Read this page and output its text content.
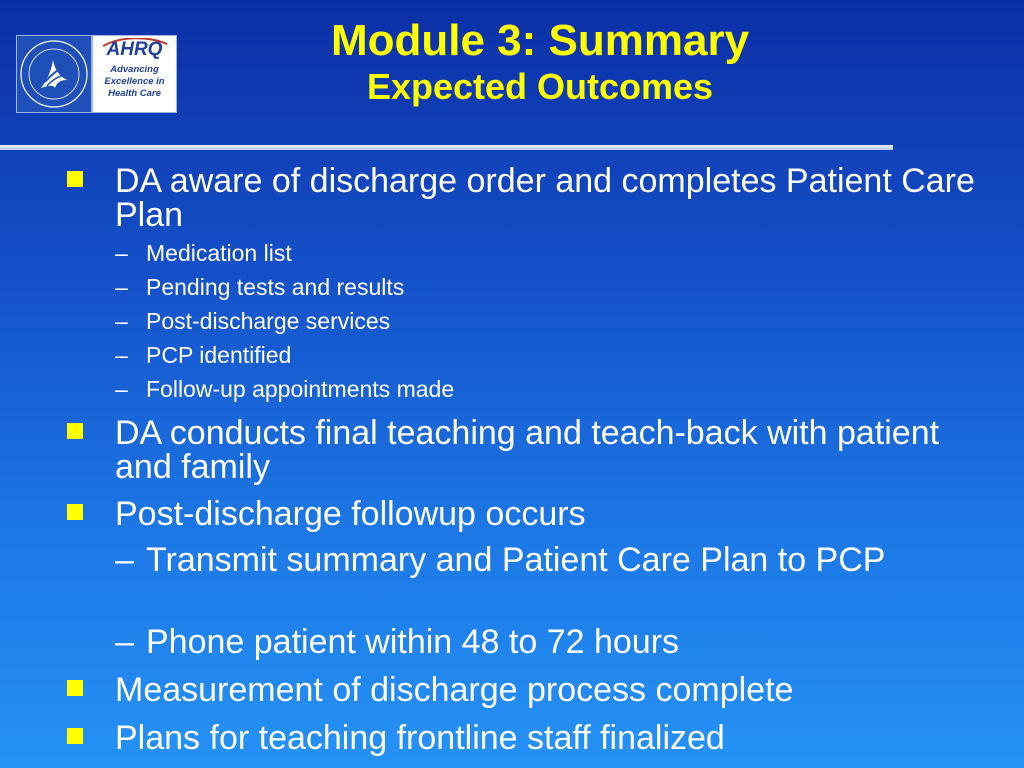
AHRQ
Advancing
Excellence in
Health Care
Module 3: Summary
Expected Outcomes
DA aware of discharge order and completes Patient Care Plan
– Medication list
– Pending tests and results
– Post-discharge services
– PCP identified
– Follow-up appointments made
DA conducts final teaching and teach-back with patient and family
Post-discharge followup occurs
– Transmit summary and Patient Care Plan to PCP
– Phone patient within 48 to 72 hours
Measurement of discharge process complete
Plans for teaching frontline staff finalized
